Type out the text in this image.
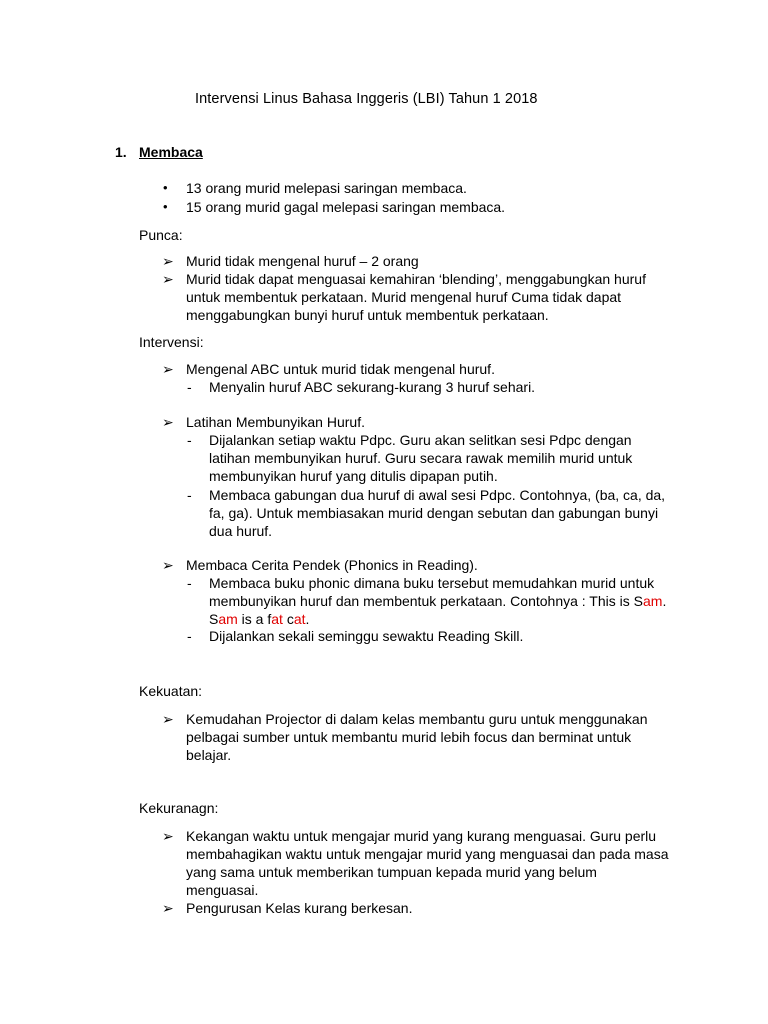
Intervensi Linus Bahasa Inggeris (LBI) Tahun 1 2018
1. Membaca
• 13 orang murid melepasi saringan membaca.
• 15 orang murid gagal melepasi saringan membaca.
Punca:
➢ Murid tidak mengenal huruf – 2 orang
➢ Murid tidak dapat menguasai kemahiran ‘blending’, menggabungkan huruf
untuk membentuk perkataan. Murid mengenal huruf Cuma tidak dapat
menggabungkan bunyi huruf untuk membentuk perkataan.
Intervensi:
➢ Mengenal ABC untuk murid tidak mengenal huruf.
- Menyalin huruf ABC sekurang-kurang 3 huruf sehari.
➢ Latihan Membunyikan Huruf.
- Dijalankan setiap waktu Pdpc. Guru akan selitkan sesi Pdpc dengan
latihan membunyikan huruf. Guru secara rawak memilih murid untuk
membunyikan huruf yang ditulis dipapan putih.
- Membaca gabungan dua huruf di awal sesi Pdpc. Contohnya, (ba, ca, da,
fa, ga). Untuk membiasakan murid dengan sebutan dan gabungan bunyi
dua huruf.
➢ Membaca Cerita Pendek (Phonics in Reading).
- Membaca buku phonic dimana buku tersebut memudahkan murid untuk
membunyikan huruf dan membentuk perkataan. Contohnya : This is Sam.
Sam is a fat cat.
- Dijalankan sekali seminggu sewaktu Reading Skill.
Kekuatan:
➢ Kemudahan Projector di dalam kelas membantu guru untuk menggunakan
pelbagai sumber untuk membantu murid lebih focus dan berminat untuk
belajar.
Kekuranagn:
➢ Kekangan waktu untuk mengajar murid yang kurang menguasai. Guru perlu
membahagikan waktu untuk mengajar murid yang menguasai dan pada masa
yang sama untuk memberikan tumpuan kepada murid yang belum
menguasai.
➢ Pengurusan Kelas kurang berkesan.
